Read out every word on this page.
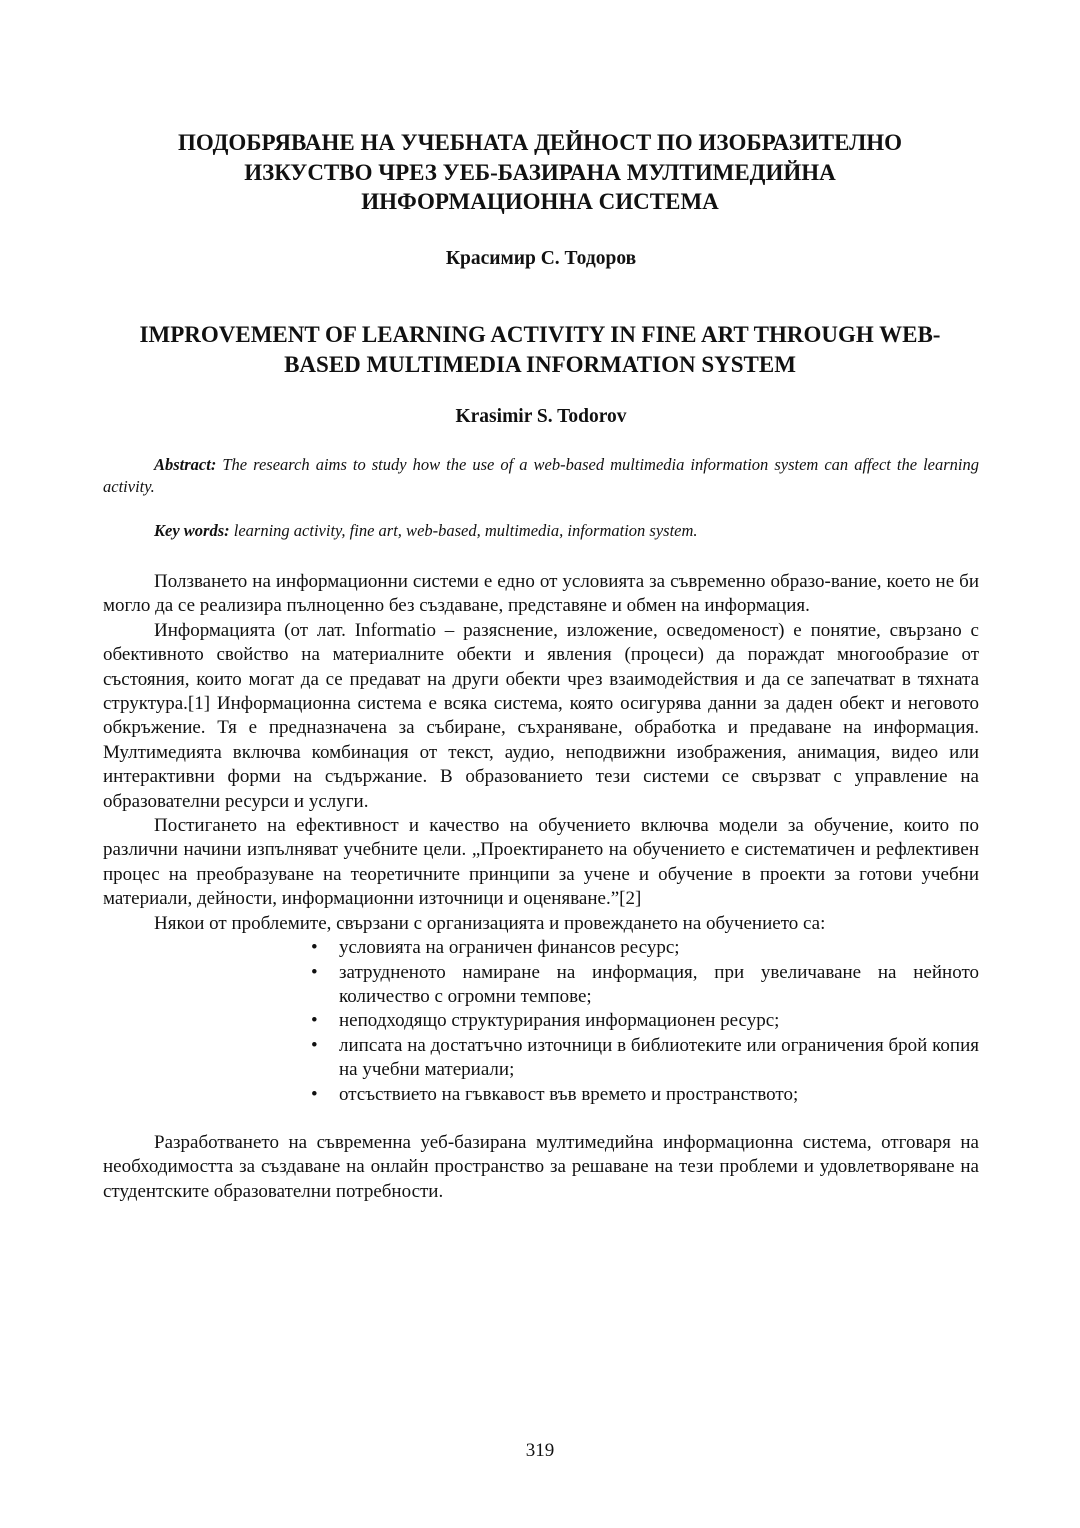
ПОДОБРЯВАНЕ НА УЧЕБНАТА ДЕЙНОСТ ПО ИЗОБРАЗИТЕЛНО ИЗКУСТВО ЧРЕЗ УЕБ-БАЗИРАНА МУЛТИМЕДИЙНА ИНФОРМАЦИОННА СИСТЕМА
Красимир С. Тодоров
IMPROVEMENT OF LEARNING ACTIVITY IN FINE ART THROUGH WEB-BASED MULTIMEDIA INFORMATION SYSTEM
Krasimir S. Todorov
Abstract: The research aims to study how the use of a web-based multimedia information system can affect the learning activity.
Key words: learning activity, fine art, web-based, multimedia, information system.

Ползването на информационни системи е едно от условията за съвременно образо-вание, което не би могло да се реализира пълноценно без създаване, представяне и обмен на информация.

Информацията (от лат. Informatio – разяснение, изложение, осведоменост) е понятие, свързано с обективното свойство на материалните обекти и явления (процеси) да пораждат многообразие от състояния, които могат да се предават на други обекти чрез взаимодействия и да се запечатват в тяхната структура.[1] Информационна система е всяка система, която осигурява данни за даден обект и неговото обкръжение. Тя е предназначена за събиране, съхраняване, обработка и предаване на информация. Мултимедията включва комбинация от текст, аудио, неподвижни изображения, анимация, видео или интерактивни форми на съдържание. В образованието тези системи се свързват с управление на образователни ресурси и услуги.

Постигането на ефективност и качество на обучението включва модели за обучение, които по различни начини изпълняват учебните цели. „Проектирането на обучението е систематичен и рефлективен процес на преобразуване на теоретичните принципи за учене и обучение в проекти за готови учебни материали, дейности, информационни източници и оценяване.”[2]

Някои от проблемите, свързани с организацията и провеждането на обучението са:

• условията на ограничен финансов ресурс;
• затрудненото намиране на информация, при увеличаване на нейното количество с огромни темпове;
• неподходящо структурирания информационен ресурс;
• липсата на достатъчно източници в библиотеките или ограничения брой копия на учебни материали;
• отсъствието на гъвкавост във времето и пространството;

Разработването на съвременна уеб-базирана мултимедийна информационна система, отговаря на необходимостта за създаване на онлайн пространство за решаване на тези проблеми и удовлетворяване на студентските образователни потребности.

319
